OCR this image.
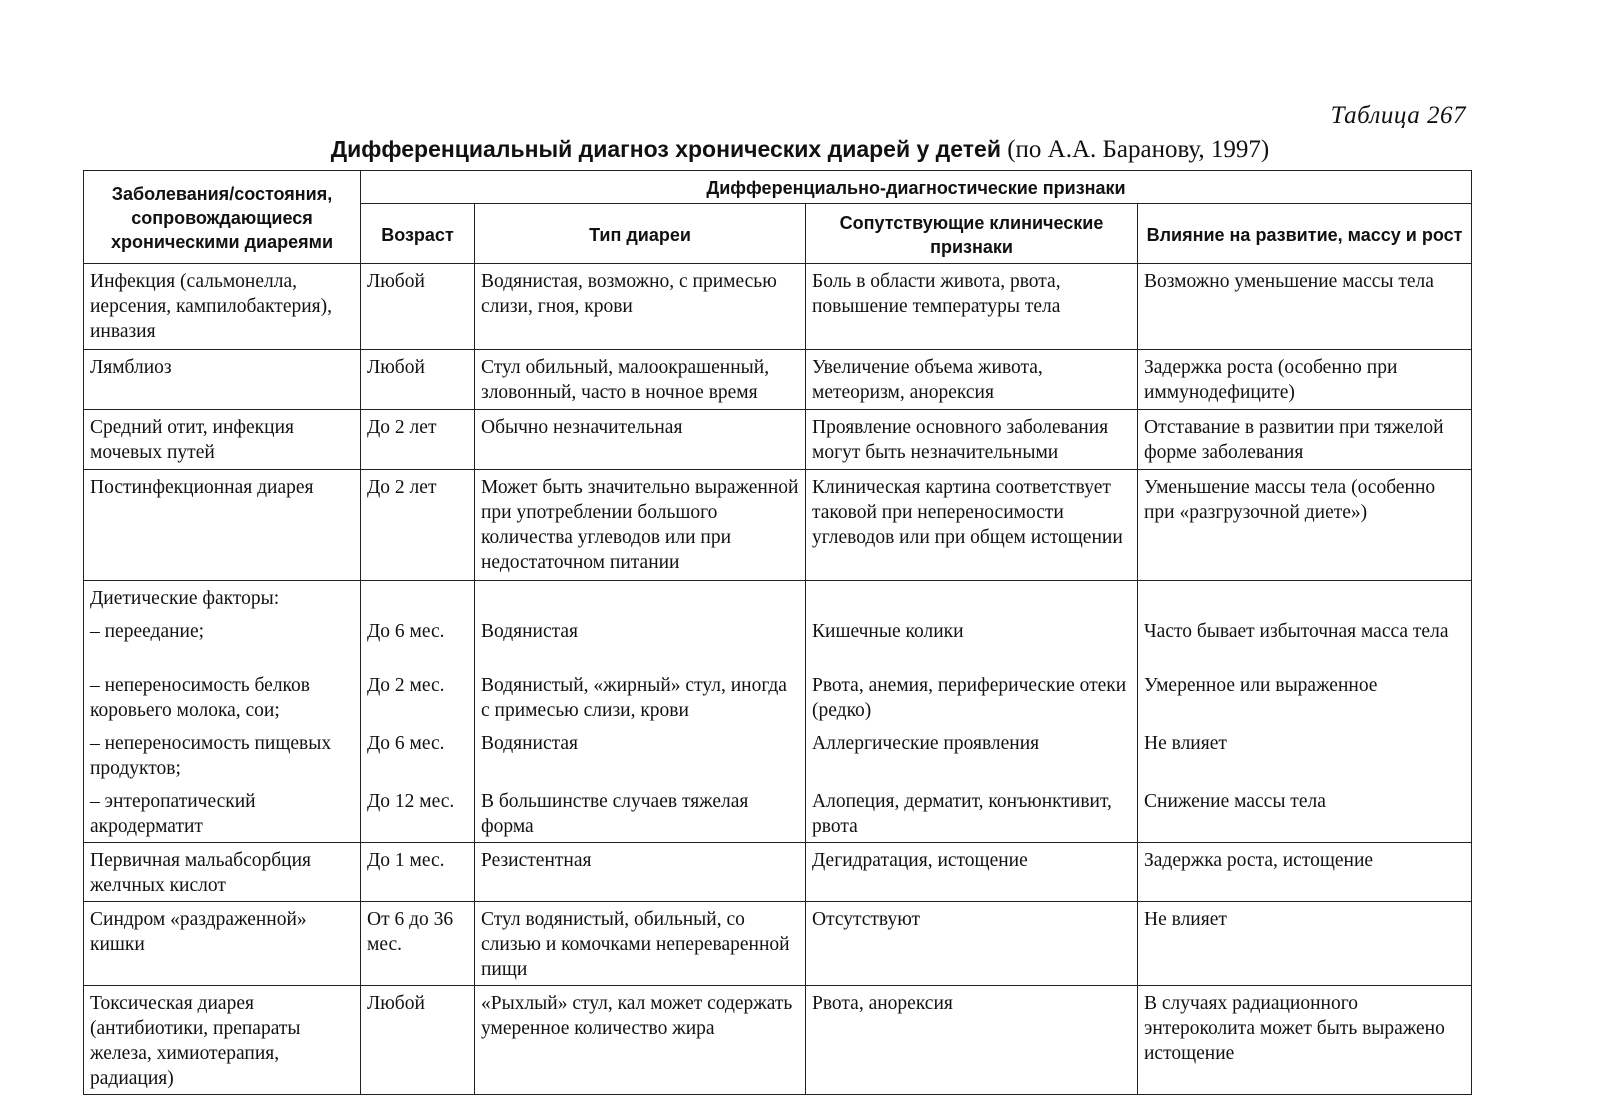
Таблица 267
Дифференциальный диагноз хронических диарей у детей (по А.А. Баранову, 1997)
Заболевания/состояния, сопровождающиеся хроническими диареями	Дифференциально-диагностические признаки			
	Возраст	Тип диареи	Сопутствующие клинические признаки	Влияние на развитие, массу и рост
Инфекция (сальмонелла, иерсения, кампилобактерия), инвазия	Любой	Водянистая, возможно, с примесью слизи, гноя, крови	Боль в области живота, рвота, повышение температуры тела	Возможно уменьшение массы тела
Лямблиоз	Любой	Стул обильный, малоокрашенный, зловонный, часто в ночное время	Увеличение объема живота, метеоризм, анорексия	Задержка роста (особенно при иммунодефиците)
Средний отит, инфекция мочевых путей	До 2 лет	Обычно незначительная	Проявление основного заболевания могут быть незначительными	Отставание в развитии при тяжелой форме заболевания
Постинфекционная диарея	До 2 лет	Может быть значительно выраженной при употреблении большого количества углеводов или при недостаточном питании	Клиническая картина соответствует таковой при непереносимости углеводов или при общем истощении	Уменьшение массы тела (особенно при «разгрузочной диете»)
Диетические факторы:				
– переедание;	До 6 мес.	Водянистая	Кишечные колики	Часто бывает избыточная масса тела
– непереносимость белков коровьего молока, сои;	До 2 мес.	Водянистый, «жирный» стул, иногда с примесью слизи, крови	Рвота, анемия, периферические отеки (редко)	Умеренное или выраженное
– непереносимость пищевых продуктов;	До 6 мес.	Водянистая	Аллергические проявления	Не влияет
– энтеропатический акродерматит	До 12 мес.	В большинстве случаев тяжелая форма	Алопеция, дерматит, конъюнктивит, рвота	Снижение массы тела
Первичная мальабсорбция желчных кислот	До 1 мес.	Резистентная	Дегидратация, истощение	Задержка роста, истощение
Синдром «раздраженной» кишки	От 6 до 36 мес.	Стул водянистый, обильный, со слизью и комочками непереваренной пищи	Отсутствуют	Не влияет
Токсическая диарея (антибиотики, препараты железа, химиотерапия, радиация)	Любой	«Рыхлый» стул, кал может содержать умеренное количество жира	Рвота, анорексия	В случаях радиационного энтероколита может быть выражено истощение
